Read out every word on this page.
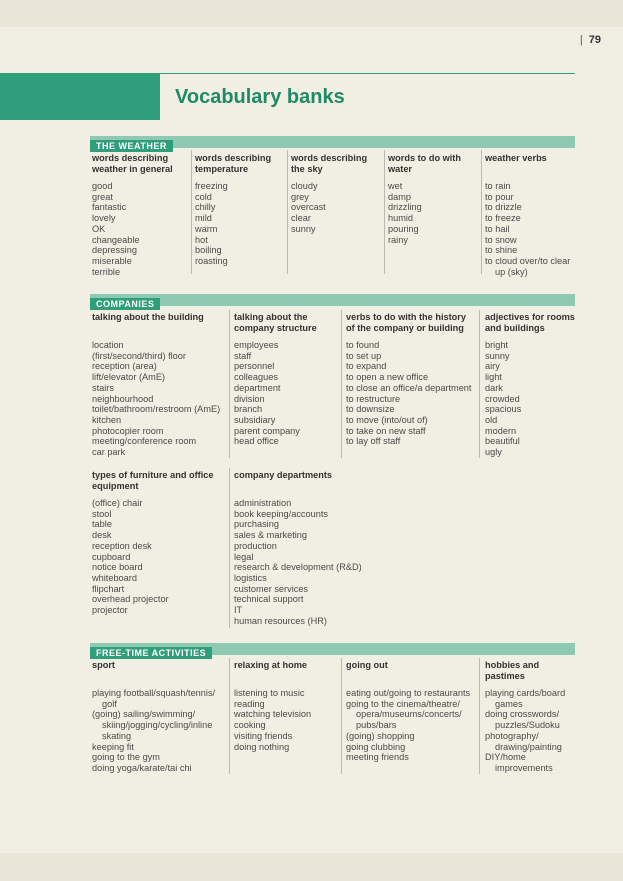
| 79
Vocabulary banks
THE WEATHER
words describing
weather in general
good
great
fantastic
lovely
OK
changeable
depressing
miserable
terrible
words describing
temperature
freezing
cold
chilly
mild
warm
hot
boiling
roasting
words describing
the sky
cloudy
grey
overcast
clear
sunny
words to do with
water
wet
damp
drizzling
humid
pouring
rainy
weather verbs
to rain
to pour
to drizzle
to freeze
to hail
to snow
to shine
to cloud over/to clear
up (sky)
COMPANIES
talking about the building
location
(first/second/third) floor
reception (area)
lift/elevator (AmE)
stairs
neighbourhood
toilet/bathroom/restroom (AmE)
kitchen
photocopier room
meeting/conference room
car park
talking about the
company structure
employees
staff
personnel
colleagues
department
division
branch
subsidiary
parent company
head office
verbs to do with the history
of the company or building
to found
to set up
to expand
to open a new office
to close an office/a department
to restructure
to downsize
to move (into/out of)
to take on new staff
to lay off staff
adjectives for rooms
and buildings
bright
sunny
airy
light
dark
crowded
spacious
old
modern
beautiful
ugly
types of furniture and office
equipment
(office) chair
stool
table
desk
reception desk
cupboard
notice board
whiteboard
flipchart
overhead projector
projector
company departments
administration
book keeping/accounts
purchasing
sales & marketing
production
legal
research & development (R&D)
logistics
customer services
technical support
IT
human resources (HR)
FREE-TIME ACTIVITIES
sport
playing football/squash/tennis/
golf
(going) sailing/swimming/
skiing/jogging/cycling/inline
skating
keeping fit
going to the gym
doing yoga/karate/tai chi
relaxing at home
listening to music
reading
watching television
cooking
visiting friends
doing nothing
going out
eating out/going to restaurants
going to the cinema/theatre/
opera/museums/concerts/
pubs/bars
(going) shopping
going clubbing
meeting friends
hobbies and
pastimes
playing cards/board
games
doing crosswords/
puzzles/Sudoku
photography/
drawing/painting
DIY/home
improvements
